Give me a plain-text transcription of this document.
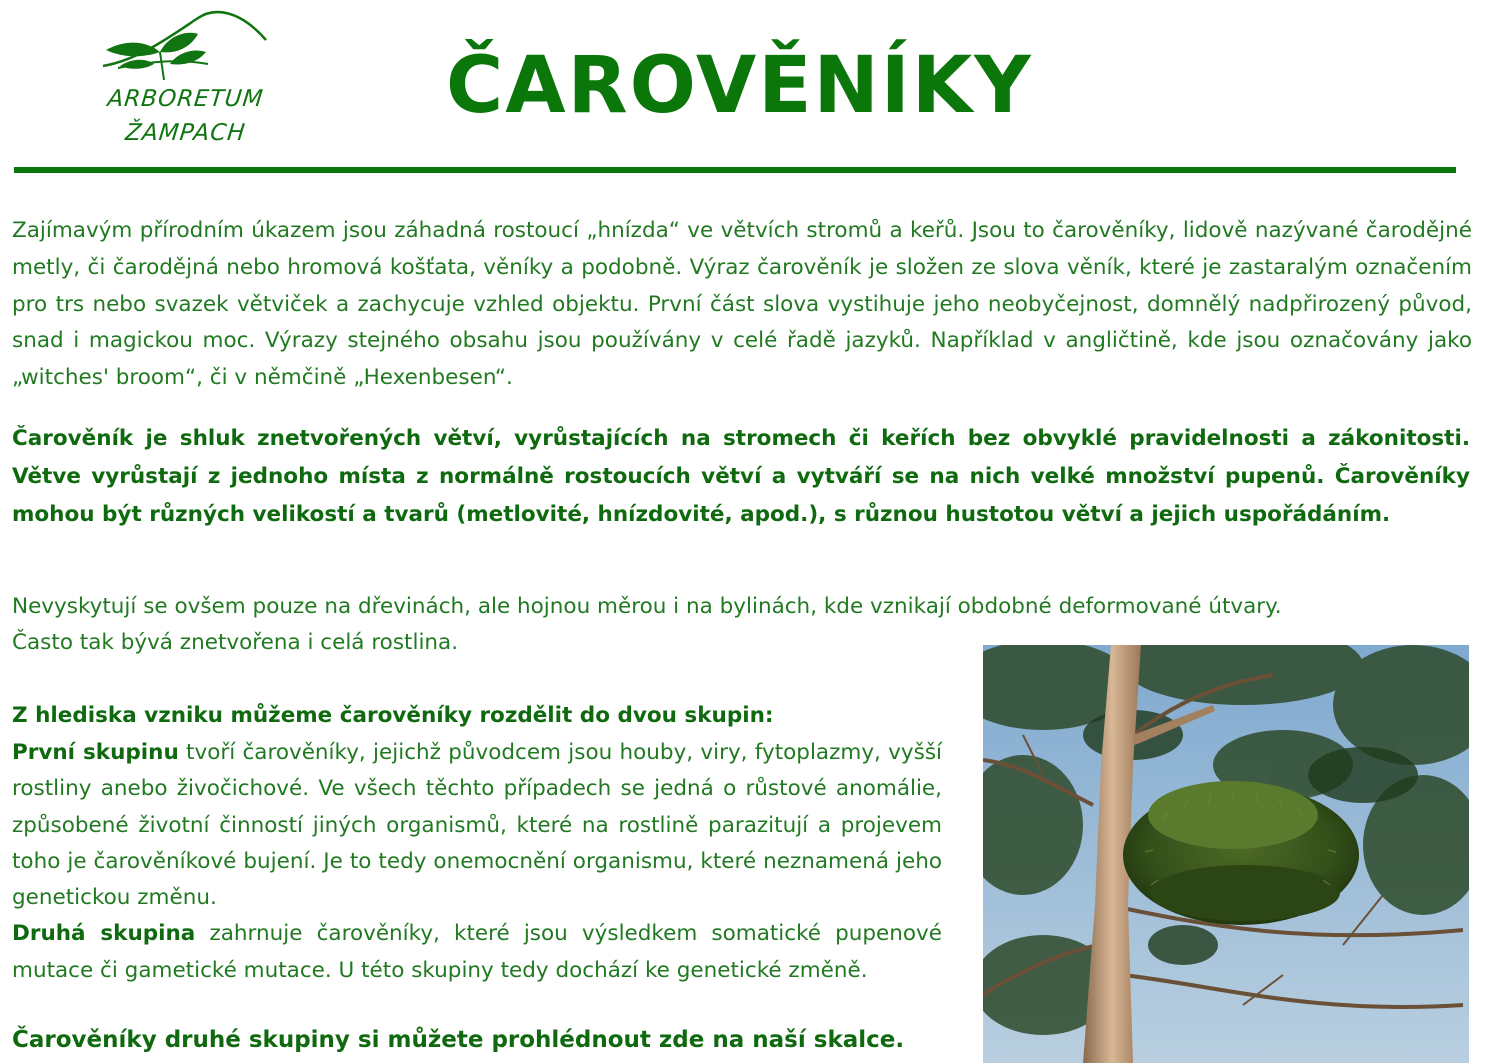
ARBORETUM
ŽAMPACH
ČAROVĚNÍKY

Zajímavým přírodním úkazem jsou záhadná rostoucí „hnízda“ ve větvích stromů a keřů. Jsou to čarověníky, lidově nazývané čarodějné metly, či čarodějná nebo hromová košťata, věníky a podobně. Výraz čarověník je složen ze slova věník, které je zastaralým označením pro trs nebo svazek větviček a zachycuje vzhled objektu. První část slova vystihuje jeho neobyčejnost, domnělý nadpřirozený původ, snad i magickou moc. Výrazy stejného obsahu jsou používány v celé řadě jazyků. Například v angličtině, kde jsou označovány jako „witches' broom“, či v němčině „Hexenbesen“.

Čarověník je shluk znetvořených větví, vyrůstajících na stromech či keřích bez obvyklé pravidelnosti a zákonitosti. Větve vyrůstají z jednoho místa z normálně rostoucích větví a vytváří se na nich velké množství pupenů. Čarověníky mohou být různých velikostí a tvarů (metlovité, hnízdovité, apod.), s různou hustotou větví a jejich uspořádáním.

Nevyskytují se ovšem pouze na dřevinách, ale hojnou měrou i na bylinách, kde vznikají obdobné deformované útvary.

Často tak bývá znetvořena i celá rostlina.

Z hlediska vzniku můžeme čarověníky rozdělit do dvou skupin:

První skupinu tvoří čarověníky, jejichž původcem jsou houby, viry, fytoplazmy, vyšší rostliny anebo živočichové. Ve všech těchto případech se jedná o růstové anomálie, způsobené životní činností jiných organismů, které na rostlině parazitují a projevem toho je čarověníkové bujení. Je to tedy onemocnění organismu, které neznamená jeho genetickou změnu.
Druhá skupina zahrnuje čarověníky, které jsou výsledkem somatické pupenové mutace či gametické mutace. U této skupiny tedy dochází ke genetické změně.

Čarověníky druhé skupiny si můžete prohlédnout zde na naší skalce.
